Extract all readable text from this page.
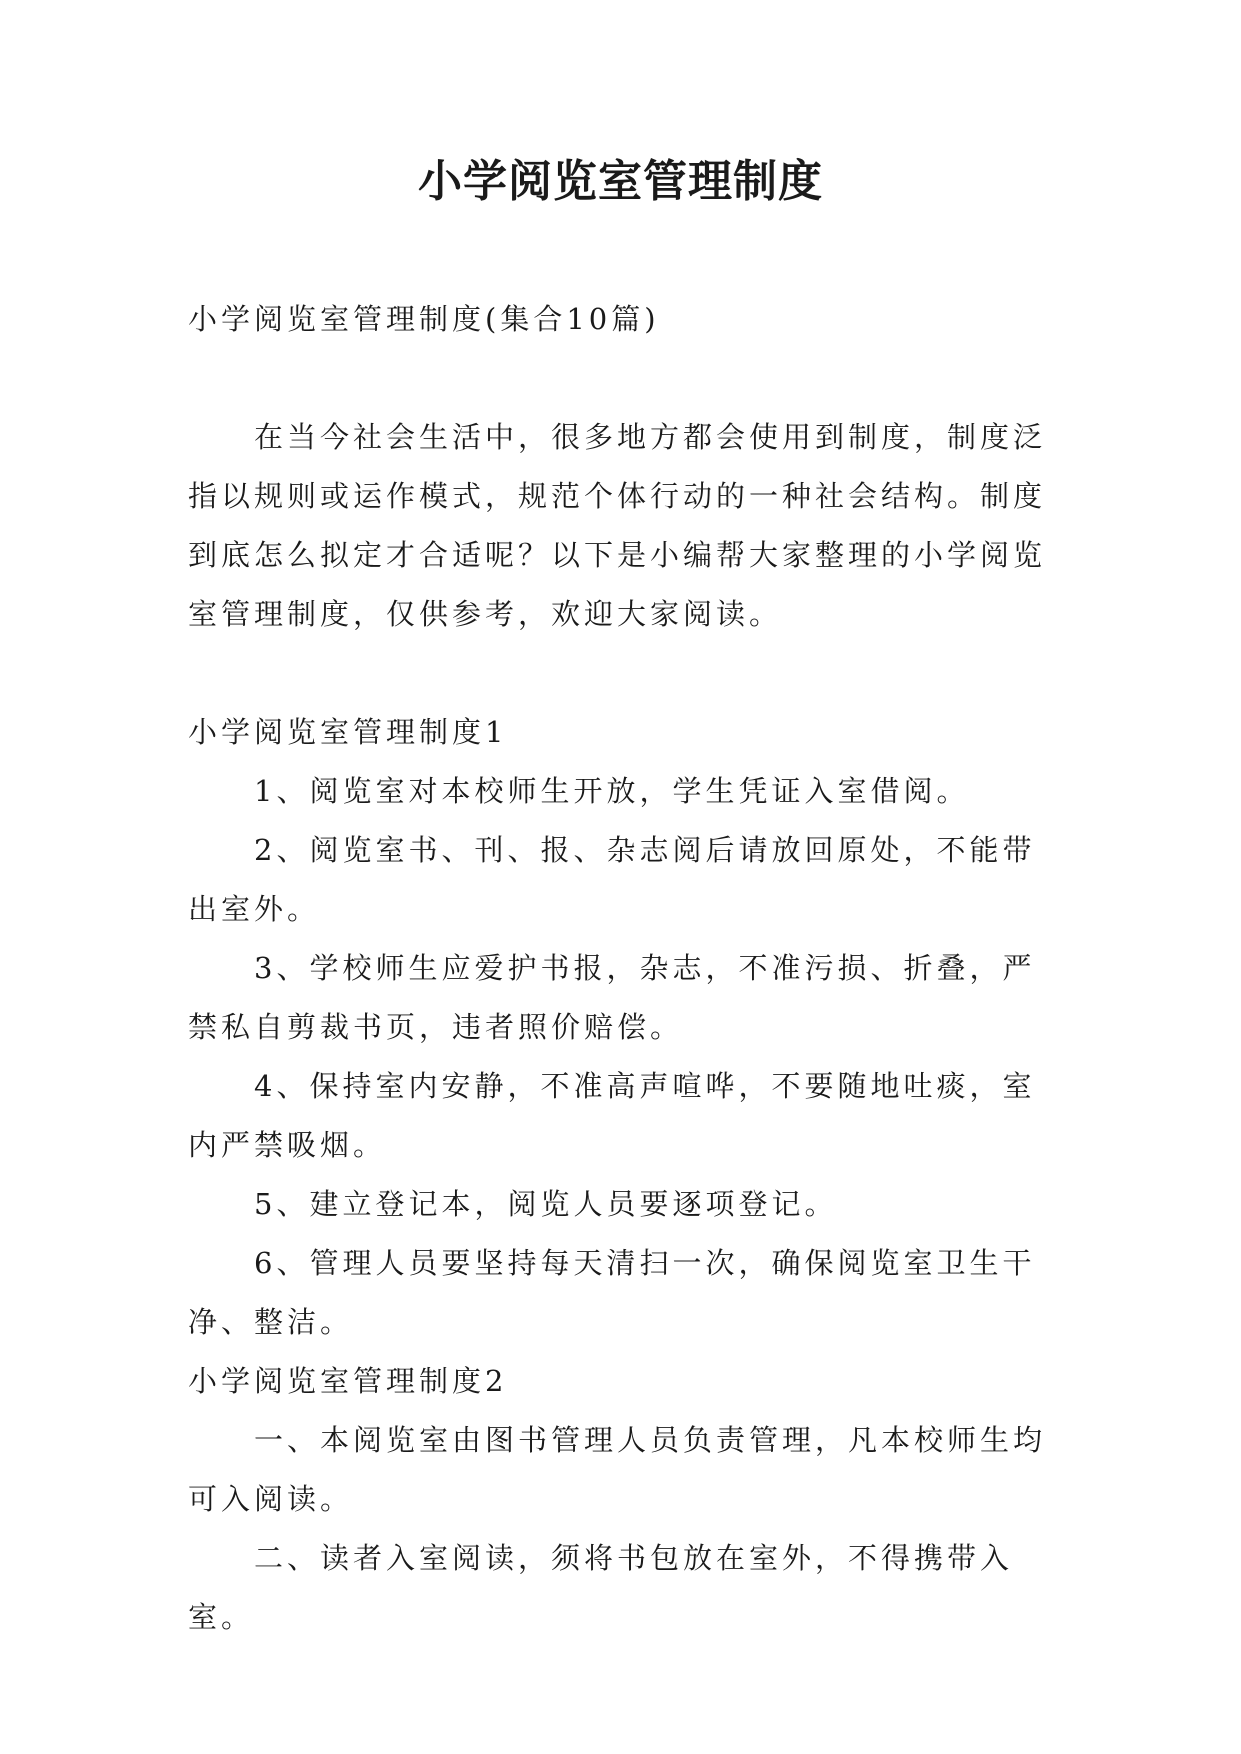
小学阅览室管理制度

小学阅览室管理制度(集合10篇)

在当今社会生活中，很多地方都会使用到制度，制度泛指以规则或运作模式，规范个体行动的一种社会结构。制度到底怎么拟定才合适呢？以下是小编帮大家整理的小学阅览室管理制度，仅供参考，欢迎大家阅读。

小学阅览室管理制度1

1、阅览室对本校师生开放，学生凭证入室借阅。

2、阅览室书、刊、报、杂志阅后请放回原处，不能带出室外。

3、学校师生应爱护书报，杂志，不准污损、折叠，严禁私自剪裁书页，违者照价赔偿。

4、保持室内安静，不准高声喧哗，不要随地吐痰，室内严禁吸烟。

5、建立登记本，阅览人员要逐项登记。

6、管理人员要坚持每天清扫一次，确保阅览室卫生干净、整洁。

小学阅览室管理制度2

一、本阅览室由图书管理人员负责管理，凡本校师生均可入阅读。

二、读者入室阅读，须将书包放在室外，不得携带入室。
